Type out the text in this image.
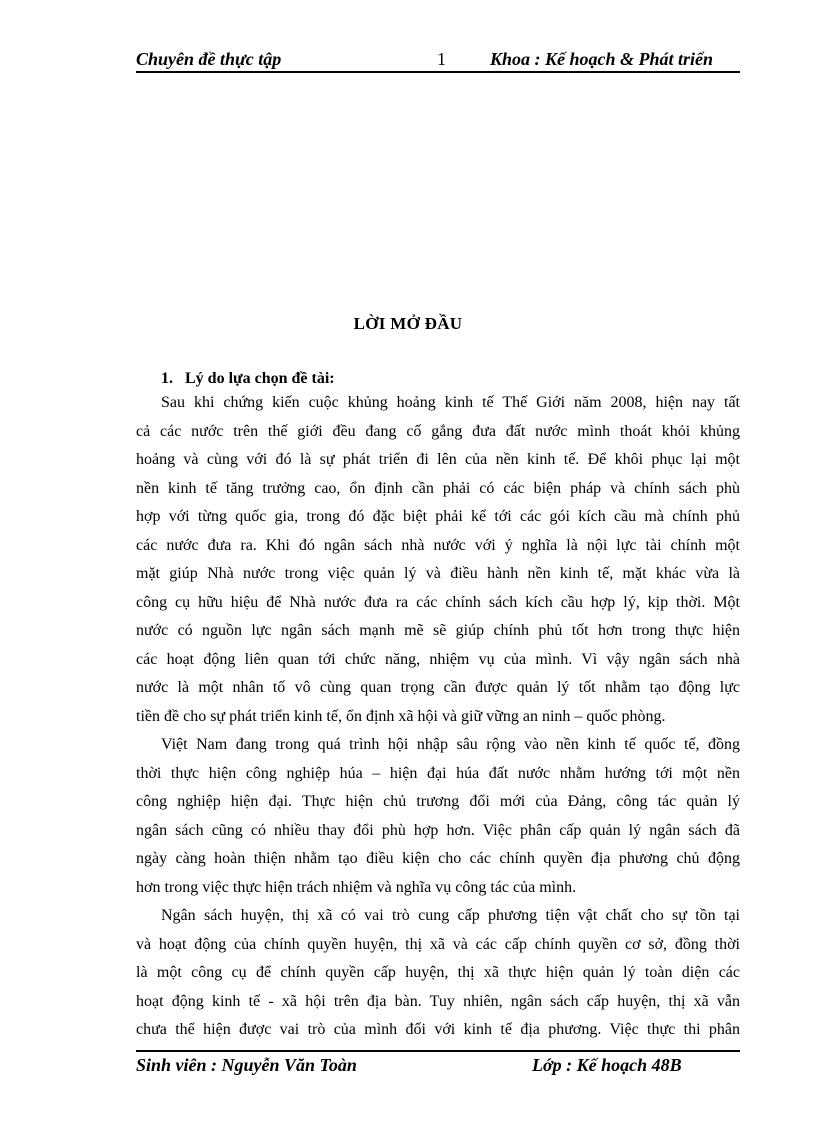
Chuyên đề thực tập	1 Khoa : Kế hoạch & Phát triển
LỜI MỞ ĐẦU
1. Lý do lựa chọn đề tài:
Sau khi chứng kiến cuộc khủng hoảng kinh tế Thế Giới năm 2008, hiện nay tất
cả các nước trên thế giới đều đang cố gắng đưa đất nước mình thoát khỏi khủng
hoảng và cùng với đó là sự phát triển đi lên của nền kinh tế. Để khôi phục lại một
nền kinh tế tăng trưởng cao, ổn định cần phải có các biện pháp và chính sách phù
hợp với từng quốc gia, trong đó đặc biệt phải kể tới các gói kích cầu mà chính phủ
các nước đưa ra. Khi đó ngân sách nhà nước với ý nghĩa là nội lực tài chính một
mặt giúp Nhà nước trong việc quản lý và điều hành nền kinh tế, mặt khác vừa là
công cụ hữu hiệu để Nhà nước đưa ra các chính sách kích cầu hợp lý, kịp thời. Một
nước có nguồn lực ngân sách mạnh mẽ sẽ giúp chính phủ tốt hơn trong thực hiện
các hoạt động liên quan tới chức năng, nhiệm vụ của mình. Vì vậy ngân sách nhà
nước là một nhân tố vô cùng quan trọng cần được quản lý tốt nhằm tạo động lực
tiền đề cho sự phát triển kinh tế, ổn định xã hội và giữ vững an ninh – quốc phòng.
Việt Nam đang trong quá trình hội nhập sâu rộng vào nền kinh tế quốc tế, đồng
thời thực hiện công nghiệp húa – hiện đại húa đất nước nhằm hướng tới một nền
công nghiệp hiện đại. Thực hiện chủ trương đổi mới của Đảng, công tác quản lý
ngân sách cũng có nhiều thay đổi phù hợp hơn. Việc phân cấp quản lý ngân sách đã
ngày càng hoàn thiện nhằm tạo điều kiện cho các chính quyền địa phương chủ động
hơn trong việc thực hiện trách nhiệm và nghĩa vụ công tác của mình.
Ngân sách huyện, thị xã có vai trò cung cấp phương tiện vật chất cho sự tồn tại
và hoạt động của chính quyền huyện, thị xã và các cấp chính quyền cơ sở, đồng thời
là một công cụ để chính quyền cấp huyện, thị xã thực hiện quản lý toàn diện các
hoạt động kinh tế - xã hội trên địa bàn. Tuy nhiên, ngân sách cấp huyện, thị xã vẫn
chưa thể hiện được vai trò của mình đối với kinh tế địa phương. Việc thực thi phân
Sinh viên : Nguyễn Văn Toàn	Lớp : Kế hoạch 48B
